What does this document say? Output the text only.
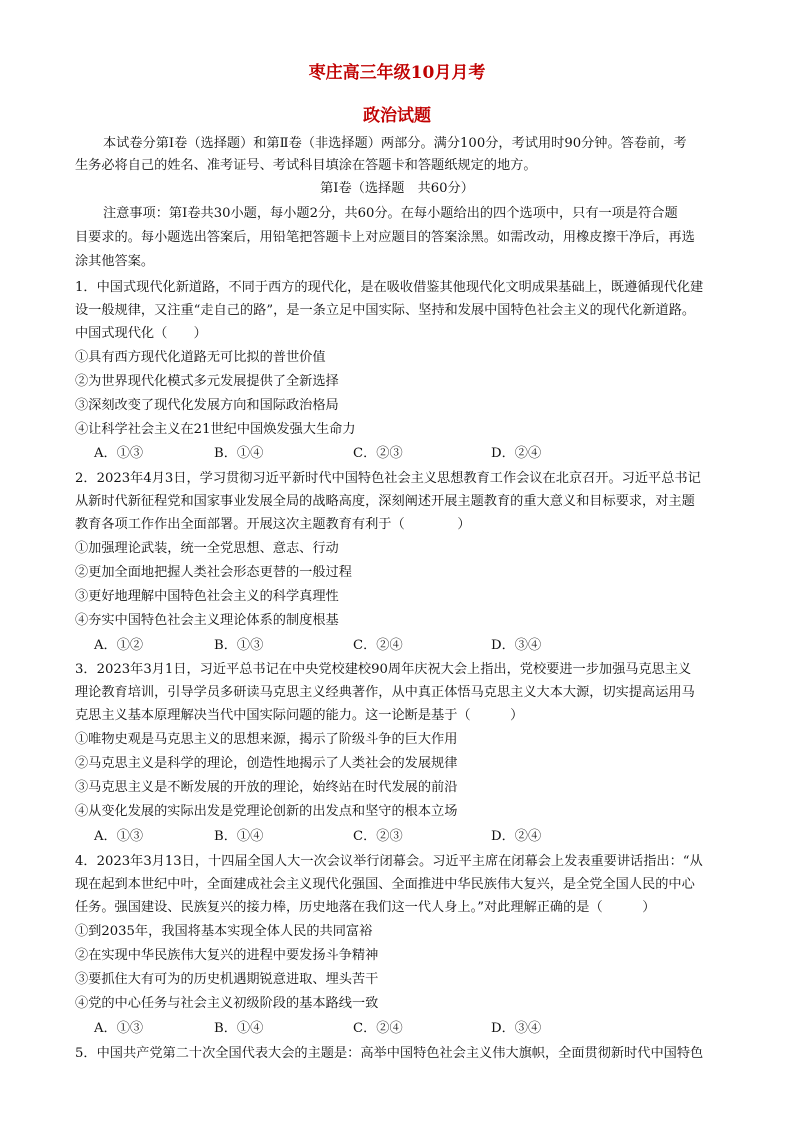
枣庄高三年级10月月考
政治试题
本试卷分第Ⅰ卷（选择题）和第Ⅱ卷（非选择题）两部分。满分100分，考试用时90分钟。答卷前，考
生务必将自己的姓名、准考证号、考试科目填涂在答题卡和答题纸规定的地方。
第Ⅰ卷（选择题　共60分）
注意事项：第Ⅰ卷共30小题，每小题2分，共60分。在每小题给出的四个选项中，只有一项是符合题
目要求的。每小题选出答案后，用铅笔把答题卡上对应题目的答案涂黑。如需改动，用橡皮擦干净后，再选
涂其他答案。
1．中国式现代化新道路，不同于西方的现代化，是在吸收借鉴其他现代化文明成果基础上，既遵循现代化建
设一般规律，又注重“走自己的路”，是一条立足中国实际、坚持和发展中国特色社会主义的现代化新道路。
中国式现代化（　　）
①具有西方现代化道路无可比拟的普世价值
②为世界现代化模式多元发展提供了全新选择
③深刻改变了现代化发展方向和国际政治格局
④让科学社会主义在21世纪中国焕发强大生命力
A．①③	B．①④	C．②③	D．②④
2．2023年4月3日，学习贯彻习近平新时代中国特色社会主义思想教育工作会议在北京召开。习近平总书记
从新时代新征程党和国家事业发展全局的战略高度，深刻阐述开展主题教育的重大意义和目标要求，对主题
教育各项工作作出全面部署。开展这次主题教育有利于（　　　　）
①加强理论武装，统一全党思想、意志、行动
②更加全面地把握人类社会形态更替的一般过程
③更好地理解中国特色社会主义的科学真理性
④夯实中国特色社会主义理论体系的制度根基
A．①②	B．①③	C．②④	D．③④
3．2023年3月1日，习近平总书记在中央党校建校90周年庆祝大会上指出，党校要进一步加强马克思主义
理论教育培训，引导学员多研读马克思主义经典著作，从中真正体悟马克思主义大本大源，切实提高运用马
克思主义基本原理解决当代中国实际问题的能力。这一论断是基于（　　　）
①唯物史观是马克思主义的思想来源，揭示了阶级斗争的巨大作用
②马克思主义是科学的理论，创造性地揭示了人类社会的发展规律
③马克思主义是不断发展的开放的理论，始终站在时代发展的前沿
④从变化发展的实际出发是党理论创新的出发点和坚守的根本立场
A．①③	B．①④	C．②③	D．②④
4．2023年3月13日，十四届全国人大一次会议举行闭幕会。习近平主席在闭幕会上发表重要讲话指出：“从
现在起到本世纪中叶，全面建成社会主义现代化强国、全面推进中华民族伟大复兴，是全党全国人民的中心
任务。强国建设、民族复兴的接力棒，历史地落在我们这一代人身上。”对此理解正确的是（　　　）
①到2035年，我国将基本实现全体人民的共同富裕
②在实现中华民族伟大复兴的进程中要发扬斗争精神
③要抓住大有可为的历史机遇期锐意进取、埋头苦干
④党的中心任务与社会主义初级阶段的基本路线一致
A．①③	B．①④	C．②④	D．③④
5．中国共产党第二十次全国代表大会的主题是：高举中国特色社会主义伟大旗帜，全面贯彻新时代中国特色
